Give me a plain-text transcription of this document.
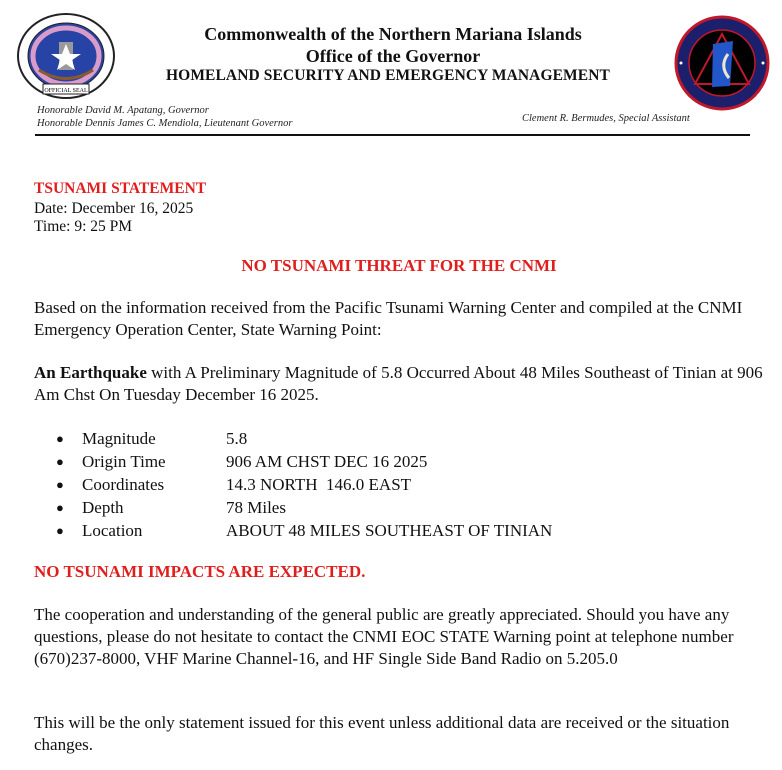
OFFICIAL SEAL
Commonwealth of the Northern Mariana Islands
Office of the Governor
HOMELAND SECURITY AND EMERGENCY MANAGEMENT
Honorable David M. Apatang, Governor
Honorable Dennis James C. Mendiola, Lieutenant Governor	Clement R. Bermudes, Special Assistant
TSUNAMI STATEMENT
Date: December 16, 2025
Time: 9: 25 PM
NO TSUNAMI THREAT FOR THE CNMI
Based on the information received from the Pacific Tsunami Warning Center and compiled at the CNMI Emergency Operation Center, State Warning Point:
An Earthquake with A Preliminary Magnitude of 5.8 Occurred About 48 Miles Southeast of Tinian at 906 Am Chst On Tuesday December 16 2025.
●	Magnitude	5.8
●	Origin Time	906 AM CHST DEC 16 2025
●	Coordinates	14.3 NORTH  146.0 EAST
●	Depth	78 Miles
●	Location	ABOUT 48 MILES SOUTHEAST OF TINIAN
NO TSUNAMI IMPACTS ARE EXPECTED.
The cooperation and understanding of the general public are greatly appreciated. Should you have any questions, please do not hesitate to contact the CNMI EOC STATE Warning point at telephone number (670)237-8000, VHF Marine Channel-16, and HF Single Side Band Radio on 5.205.0
This will be the only statement issued for this event unless additional data are received or the situation changes.
